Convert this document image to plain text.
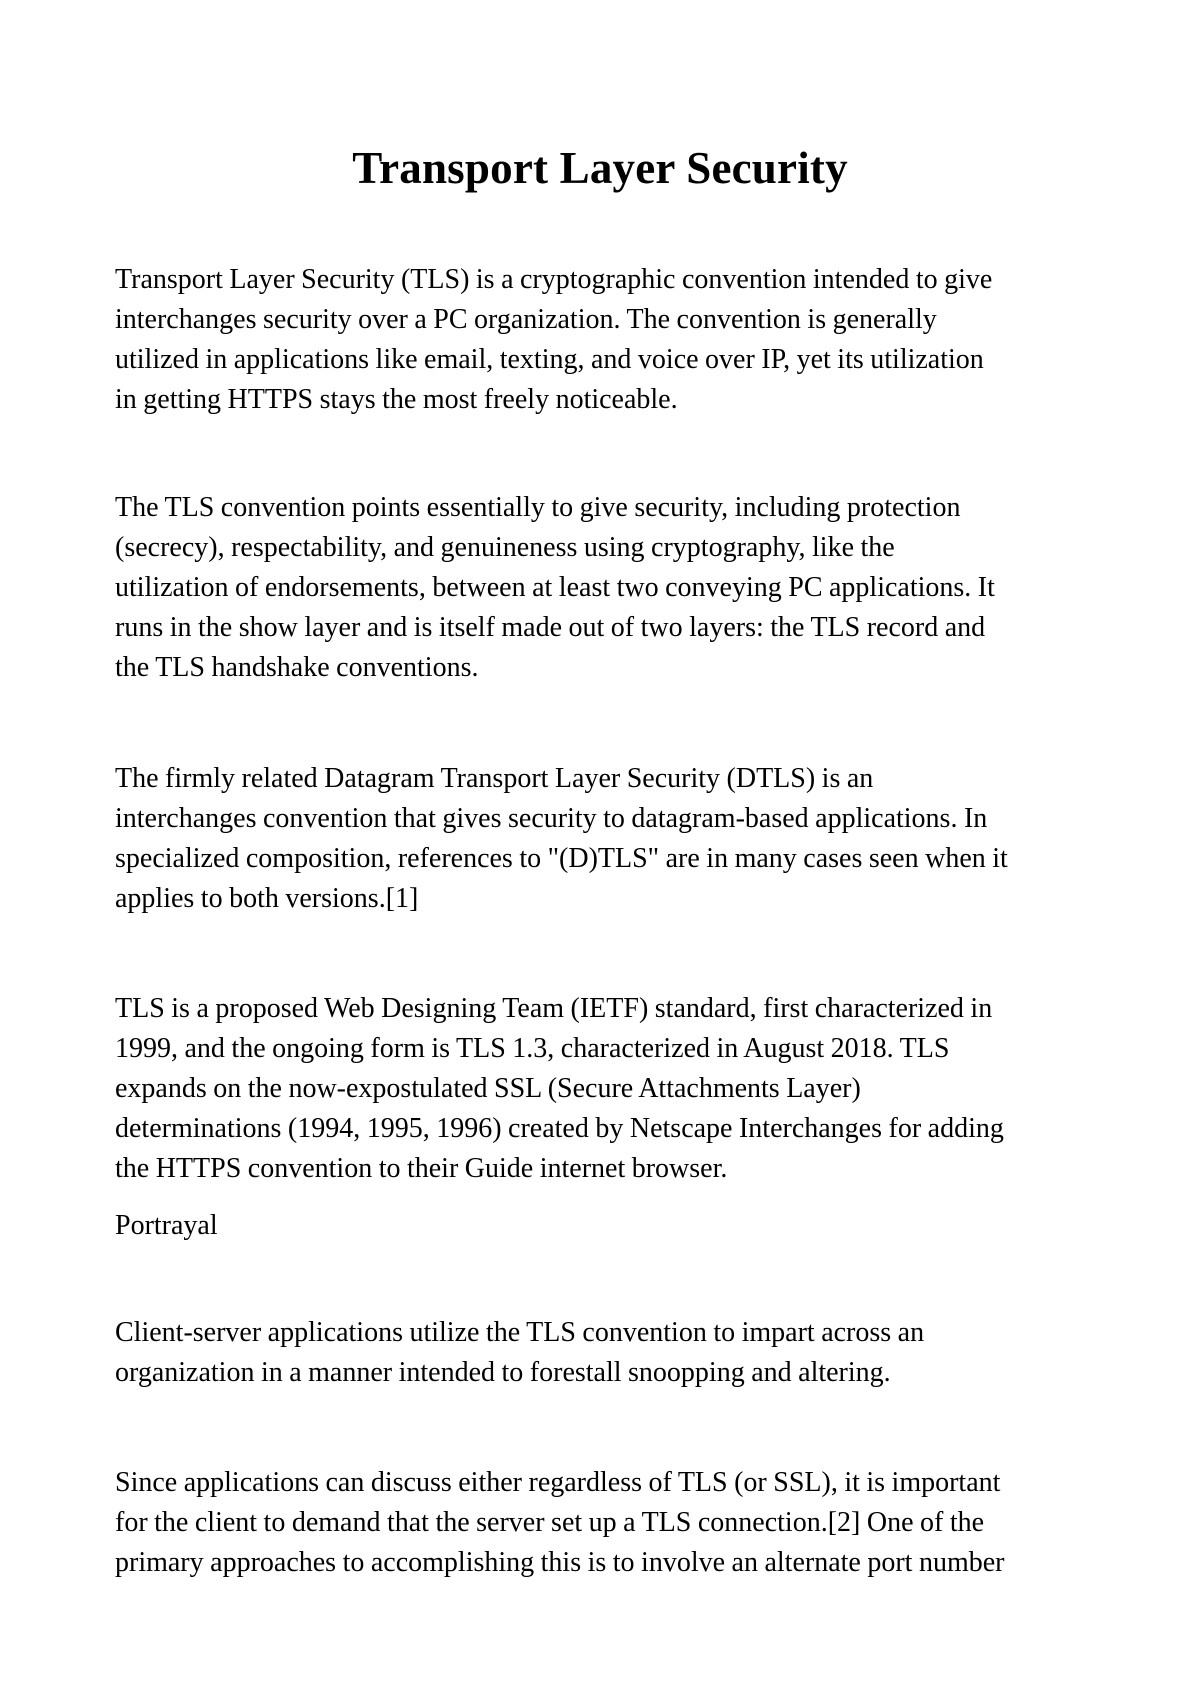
Transport Layer Security

Transport Layer Security (TLS) is a cryptographic convention intended to give
interchanges security over a PC organization. The convention is generally
utilized in applications like email, texting, and voice over IP, yet its utilization
in getting HTTPS stays the most freely noticeable.

The TLS convention points essentially to give security, including protection
(secrecy), respectability, and genuineness using cryptography, like the
utilization of endorsements, between at least two conveying PC applications. It
runs in the show layer and is itself made out of two layers: the TLS record and
the TLS handshake conventions.

The firmly related Datagram Transport Layer Security (DTLS) is an
interchanges convention that gives security to datagram-based applications. In
specialized composition, references to "(D)TLS" are in many cases seen when it
applies to both versions.[1]

TLS is a proposed Web Designing Team (IETF) standard, first characterized in
1999, and the ongoing form is TLS 1.3, characterized in August 2018. TLS
expands on the now-expostulated SSL (Secure Attachments Layer)
determinations (1994, 1995, 1996) created by Netscape Interchanges for adding
the HTTPS convention to their Guide internet browser.

Portrayal

Client-server applications utilize the TLS convention to impart across an
organization in a manner intended to forestall snoopping and altering.

Since applications can discuss either regardless of TLS (or SSL), it is important
for the client to demand that the server set up a TLS connection.[2] One of the
primary approaches to accomplishing this is to involve an alternate port number
